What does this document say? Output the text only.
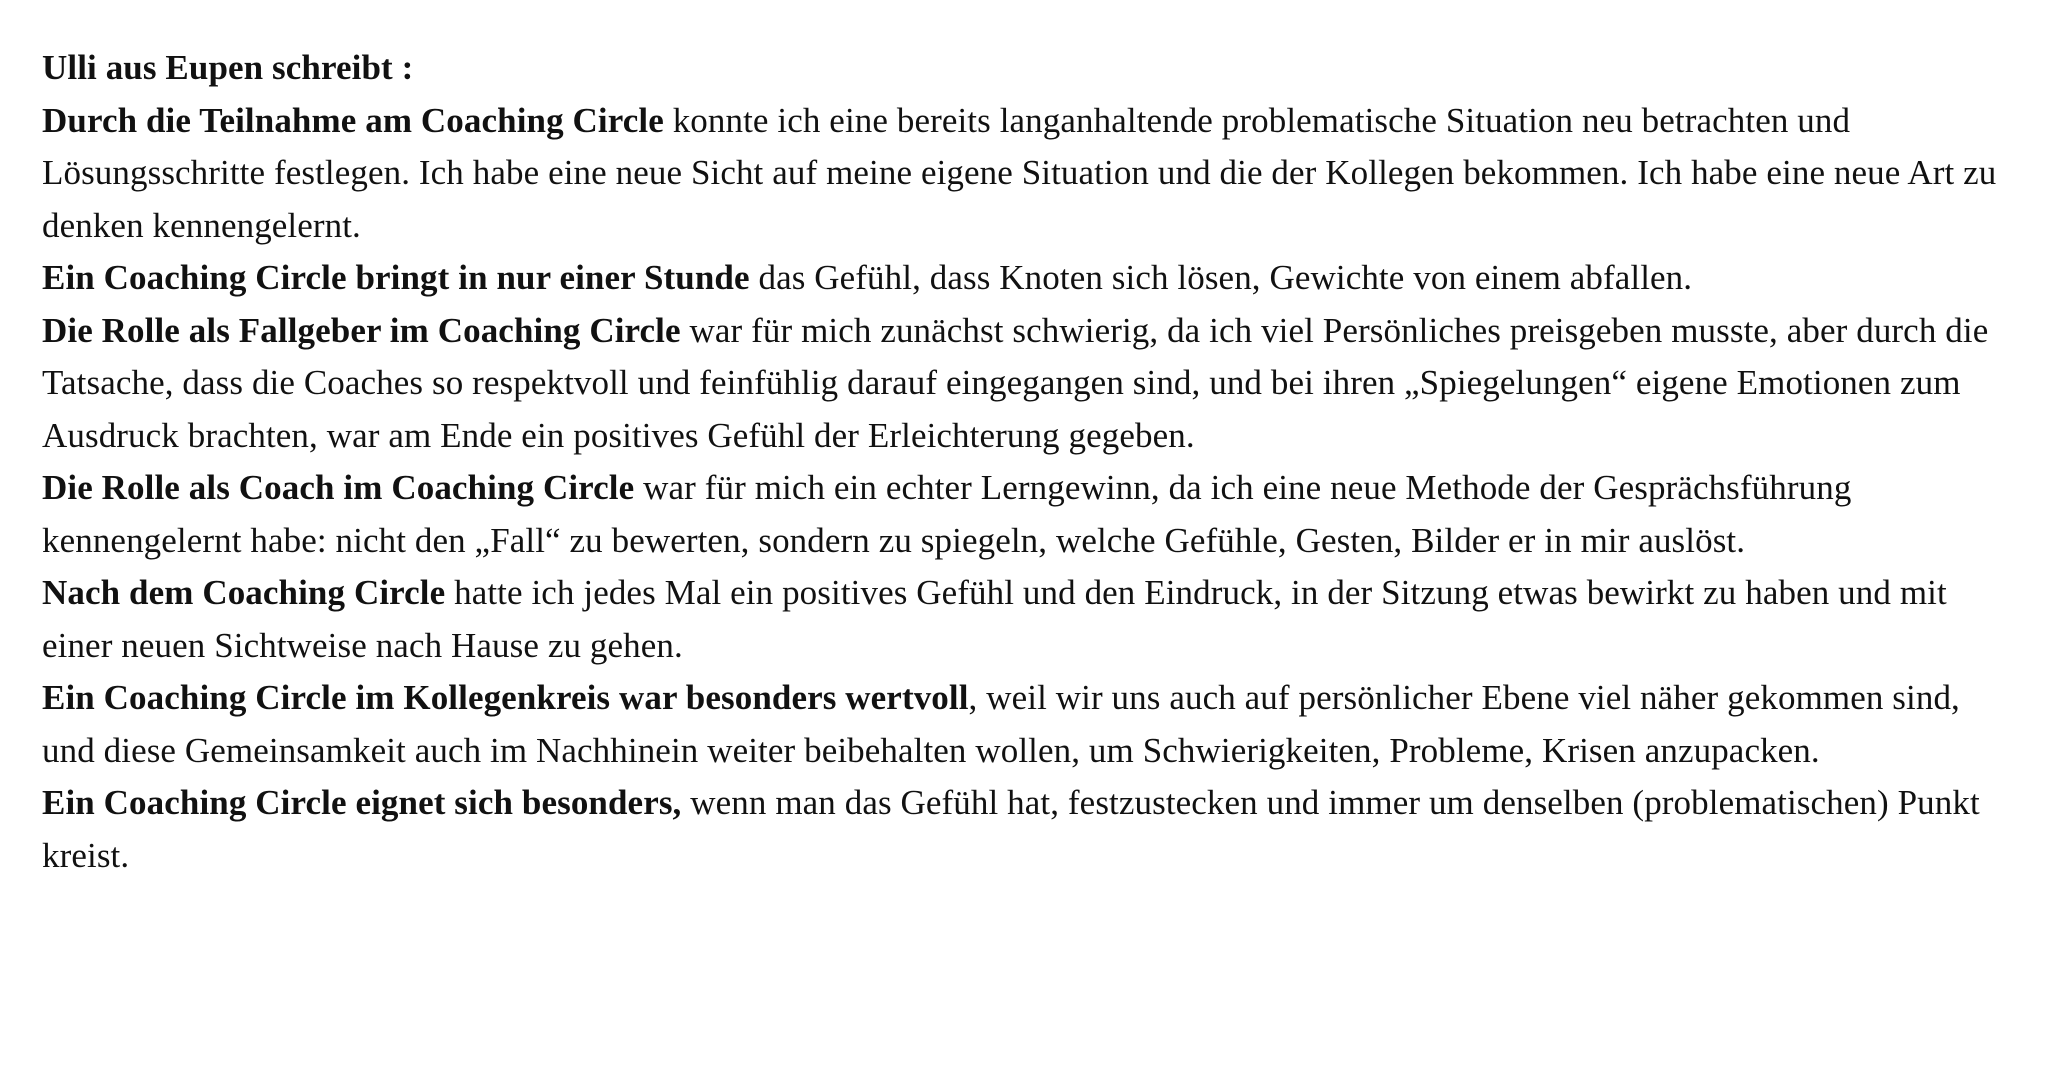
Ulli aus Eupen schreibt :

Durch die Teilnahme am Coaching Circle konnte ich eine bereits langanhaltende problematische Situation neu betrachten und Lösungsschritte festlegen. Ich habe eine neue Sicht auf meine eigene Situation und die der Kollegen bekommen. Ich habe eine neue Art zu denken kennengelernt.

Ein Coaching Circle bringt in nur einer Stunde das Gefühl, dass Knoten sich lösen, Gewichte von einem abfallen.

Die Rolle als Fallgeber im Coaching Circle war für mich zunächst schwierig, da ich viel Persönliches preisgeben musste, aber durch die Tatsache, dass die Coaches so respektvoll und feinfühlig darauf eingegangen sind, und bei ihren „Spiegelungen“ eigene Emotionen zum Ausdruck brachten, war am Ende ein positives Gefühl der Erleichterung gegeben.

Die Rolle als Coach im Coaching Circle war für mich ein echter Lerngewinn, da ich eine neue Methode der Gesprächsführung kennengelernt habe: nicht den „Fall“ zu bewerten, sondern zu spiegeln, welche Gefühle, Gesten, Bilder er in mir auslöst.

Nach dem Coaching Circle hatte ich jedes Mal ein positives Gefühl und den Eindruck, in der Sitzung etwas bewirkt zu haben und mit einer neuen Sichtweise nach Hause zu gehen.

Ein Coaching Circle im Kollegenkreis war besonders wertvoll, weil wir uns auch auf persönlicher Ebene viel näher gekommen sind, und diese Gemeinsamkeit auch im Nachhinein weiter beibehalten wollen, um Schwierigkeiten, Probleme, Krisen anzupacken.

Ein Coaching Circle eignet sich besonders, wenn man das Gefühl hat, festzustecken und immer um denselben (problematischen) Punkt kreist.
